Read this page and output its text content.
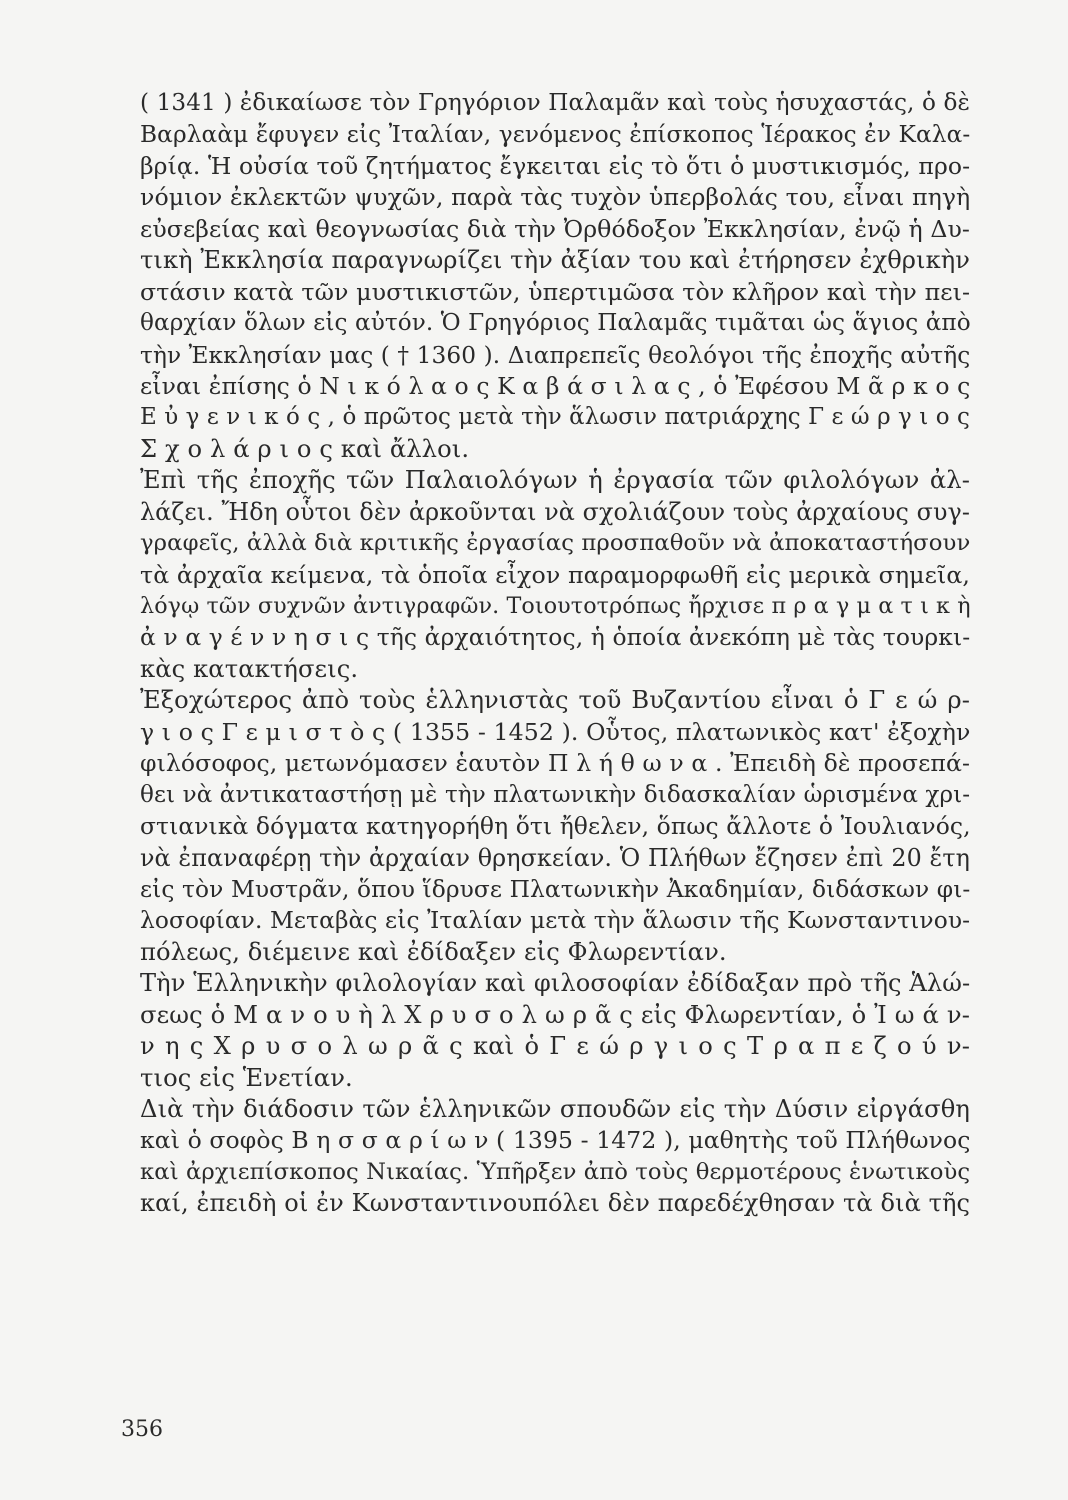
( 1341 ) ἐδικαίωσε τὸν Γρηγόριον Παλαμᾶν καὶ τοὺς ἡσυχαστάς, ὁ δὲ
Βαρλαὰμ ἔφυγεν εἰς Ἰταλίαν, γενόμενος ἐπίσκοπος Ἱέρακος ἐν Καλα-
βρίᾳ. Ἡ οὐσία τοῦ ζητήματος ἔγκειται εἰς τὸ ὅτι ὁ μυστικισμός, προ-
νόμιον ἐκλεκτῶν ψυχῶν, παρὰ τὰς τυχὸν ὑπερβολάς του, εἶναι πηγὴ
εὐσεβείας καὶ θεογνωσίας διὰ τὴν Ὀρθόδοξον Ἐκκλησίαν, ἐνῷ ἡ Δυ-
τικὴ Ἐκκλησία παραγνωρίζει τὴν ἀξίαν του καὶ ἐτήρησεν ἐχθρικὴν
στάσιν κατὰ τῶν μυστικιστῶν, ὑπερτιμῶσα τὸν κλῆρον καὶ τὴν πει-
θαρχίαν ὅλων εἰς αὐτόν. Ὁ Γρηγόριος Παλαμᾶς τιμᾶται ὡς ἅγιος ἀπὸ
τὴν Ἐκκλησίαν μας ( † 1360 ). Διαπρεπεῖς θεολόγοι τῆς ἐποχῆς αὐτῆς
εἶναι ἐπίσης ὁ Ν ι κ ό λ α ο ς Κ α β ά σ ι λ α ς , ὁ Ἐφέσου Μ ᾶ ρ κ ο ς
Ε ὐ γ ε ν ι κ ό ς , ὁ πρῶτος μετὰ τὴν ἅλωσιν πατριάρχης Γ ε ώ ρ γ ι ο ς
Σ χ ο λ ά ρ ι ο ς καὶ ἄλλοι.
Ἐπὶ τῆς ἐποχῆς τῶν Παλαιολόγων ἡ ἐργασία τῶν φιλολόγων ἀλ-
λάζει. Ἤδη οὗτοι δὲν ἀρκοῦνται νὰ σχολιάζουν τοὺς ἀρχαίους συγ-
γραφεῖς, ἀλλὰ διὰ κριτικῆς ἐργασίας προσπαθοῦν νὰ ἀποκαταστήσουν
τὰ ἀρχαῖα κείμενα, τὰ ὁποῖα εἶχον παραμορφωθῆ εἰς μερικὰ σημεῖα,
λόγῳ τῶν συχνῶν ἀντιγραφῶν. Τοιουτοτρόπως ἤρχισε π ρ α γ μ α τ ι κ ὴ
ἀ ν α γ έ ν ν η σ ι ς τῆς ἀρχαιότητος, ἡ ὁποία ἀνεκόπη μὲ τὰς τουρκι-
κὰς κατακτήσεις.
Ἐξοχώτερος ἀπὸ τοὺς ἑλληνιστὰς τοῦ Βυζαντίου εἶναι ὁ Γ ε ώ ρ-
γ ι ο ς Γ ε μ ι σ τ ὸ ς ( 1355 - 1452 ). Οὗτος, πλατωνικὸς κατ' ἐξοχὴν
φιλόσοφος, μετωνόμασεν ἑαυτὸν Π λ ή θ ω ν α . Ἐπειδὴ δὲ προσεπά-
θει νὰ ἀντικαταστήσῃ μὲ τὴν πλατωνικὴν διδασκαλίαν ὡρισμένα χρι-
στιανικὰ δόγματα κατηγορήθη ὅτι ἤθελεν, ὅπως ἄλλοτε ὁ Ἰουλιανός,
νὰ ἐπαναφέρῃ τὴν ἀρχαίαν θρησκείαν. Ὁ Πλήθων ἔζησεν ἐπὶ 20 ἔτη
εἰς τὸν Μυστρᾶν, ὅπου ἵδρυσε Πλατωνικὴν Ἀκαδημίαν, διδάσκων φι-
λοσοφίαν. Μεταβὰς εἰς Ἰταλίαν μετὰ τὴν ἅλωσιν τῆς Κωνσταντινου-
πόλεως, διέμεινε καὶ ἐδίδαξεν εἰς Φλωρεντίαν.
Τὴν Ἑλληνικὴν φιλολογίαν καὶ φιλοσοφίαν ἐδίδαξαν πρὸ τῆς Ἁλώ-
σεως ὁ Μ α ν ο υ ὴ λ Χ ρ υ σ ο λ ω ρ ᾶ ς εἰς Φλωρεντίαν, ὁ Ἰ ω ά ν-
ν η ς Χ ρ υ σ ο λ ω ρ ᾶ ς καὶ ὁ Γ ε ώ ρ γ ι ο ς Τ ρ α π ε ζ ο ύ ν-
τιος εἰς Ἑνετίαν.
Διὰ τὴν διάδοσιν τῶν ἑλληνικῶν σπουδῶν εἰς τὴν Δύσιν εἰργάσθη
καὶ ὁ σοφὸς Β η σ σ α ρ ί ω ν ( 1395 - 1472 ), μαθητὴς τοῦ Πλήθωνος
καὶ ἀρχιεπίσκοπος Νικαίας. Ὑπῆρξεν ἀπὸ τοὺς θερμοτέρους ἑνωτικοὺς
καί, ἐπειδὴ οἱ ἐν Κωνσταντινουπόλει δὲν παρεδέχθησαν τὰ διὰ τῆς
356
